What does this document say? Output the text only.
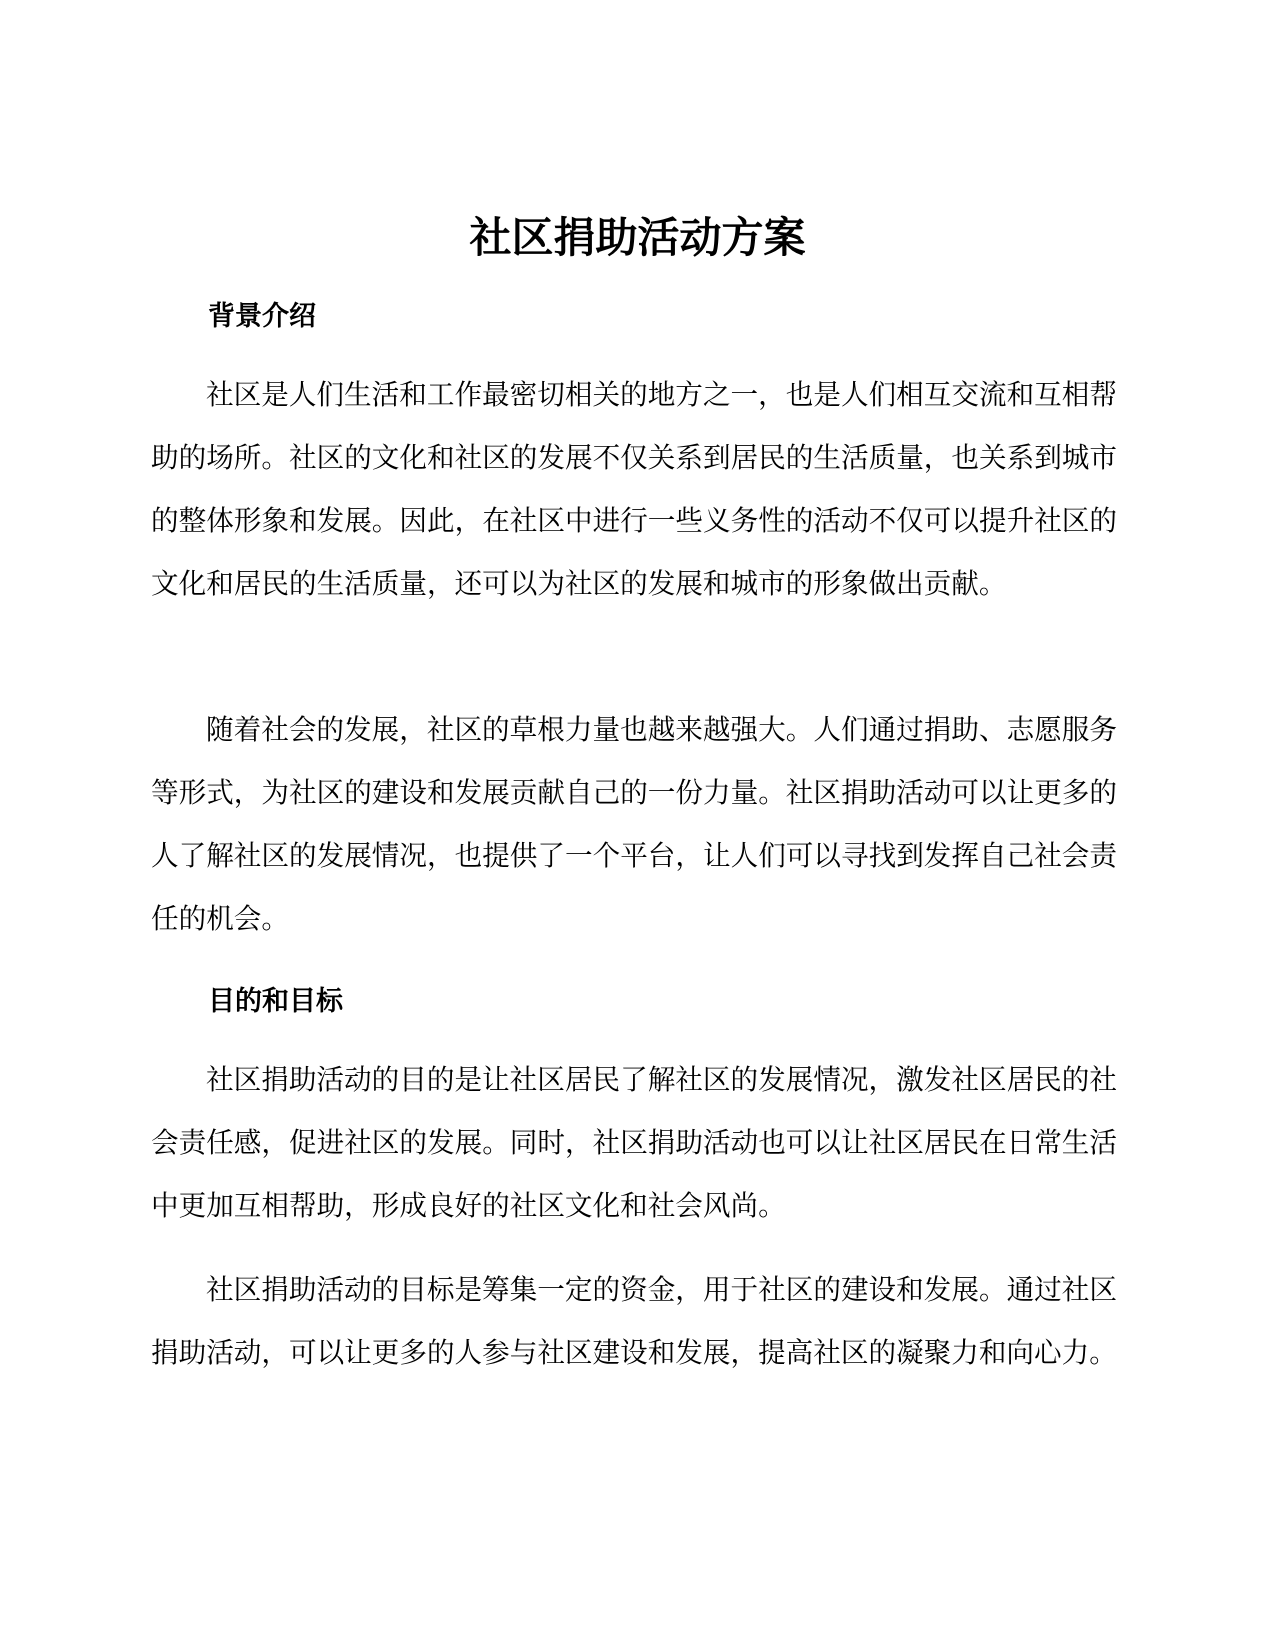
社区捐助活动方案
背景介绍

社区是人们生活和工作最密切相关的地方之一，也是人们相互交流和互相帮助的场所。社区的文化和社区的发展不仅关系到居民的生活质量，也关系到城市的整体形象和发展。因此，在社区中进行一些义务性的活动不仅可以提升社区的文化和居民的生活质量，还可以为社区的发展和城市的形象做出贡献。

随着社会的发展，社区的草根力量也越来越强大。人们通过捐助、志愿服务等形式，为社区的建设和发展贡献自己的一份力量。社区捐助活动可以让更多的人了解社区的发展情况，也提供了一个平台，让人们可以寻找到发挥自己社会责任的机会。

目的和目标

社区捐助活动的目的是让社区居民了解社区的发展情况，激发社区居民的社会责任感，促进社区的发展。同时，社区捐助活动也可以让社区居民在日常生活中更加互相帮助，形成良好的社区文化和社会风尚。

社区捐助活动的目标是筹集一定的资金，用于社区的建设和发展。通过社区捐助活动，可以让更多的人参与社区建设和发展，提高社区的凝聚力和向心力。
